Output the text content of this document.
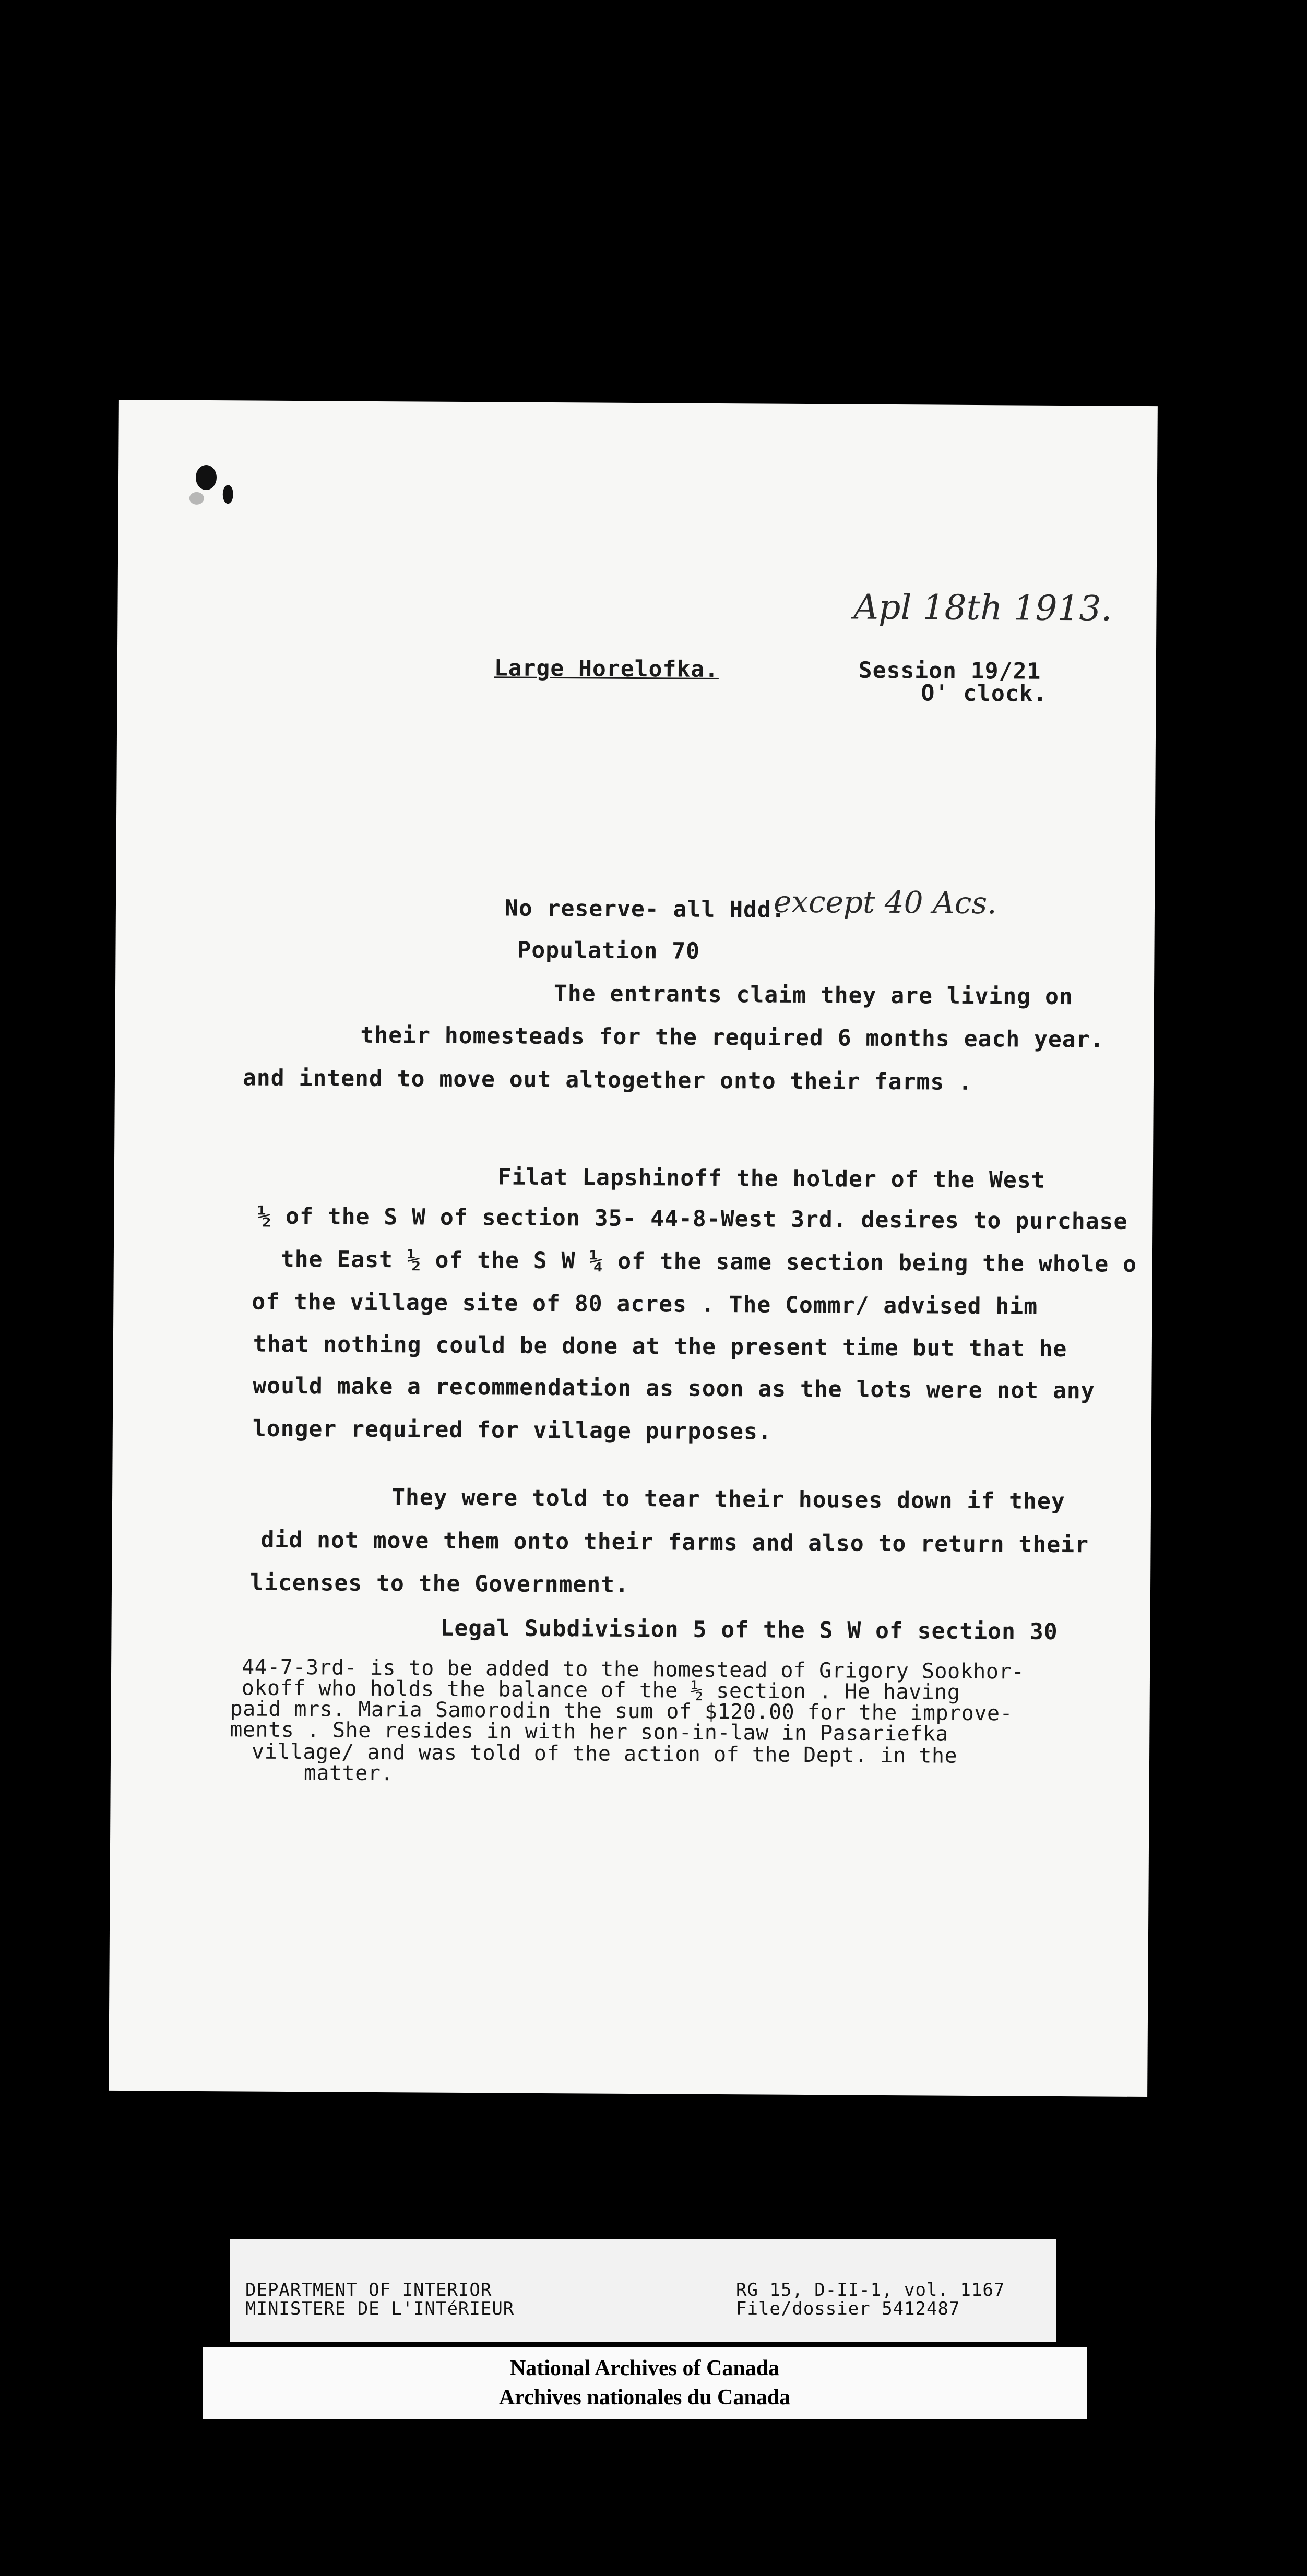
Apl 18th 1913.
Large Horelofka.	Session 19/21
O' clock.
No reserve- all Hdd.
except 40 Acs.
Population 70
The entrants claim they are living on
their homesteads for the required 6 months each year.
and intend to move out altogether onto their farms .
Filat Lapshinoff the holder of the West
½ of the S W of section 35- 44-8-West 3rd. desires to purchase
the East ½ of the S W ¼ of the same section being the whole o
of the village site of 80 acres . The Commr/ advised him
that nothing could be done at the present time but that he
would make a recommendation as soon as the lots were not any
longer required for village purposes.
They were told to tear their houses down if they
did not move them onto their farms and also to return their
licenses to the Government.
Legal Subdivision 5 of the S W of section 30
44-7-3rd- is to be added to the homestead of Grigory Sookhor-
okoff who holds the balance of the ½ section . He having
paid mrs. Maria Samorodin the sum of $120.00 for the improve-
ments . She resides in with her son-in-law in Pasariefka
village/ and was told of the action of the Dept. in the
matter.
DEPARTMENT OF INTERIOR
MINISTERE DE L'INTéRIEUR
RG 15, D-II-1, vol. 1167
File/dossier 5412487
National Archives of Canada
Archives nationales du Canada
